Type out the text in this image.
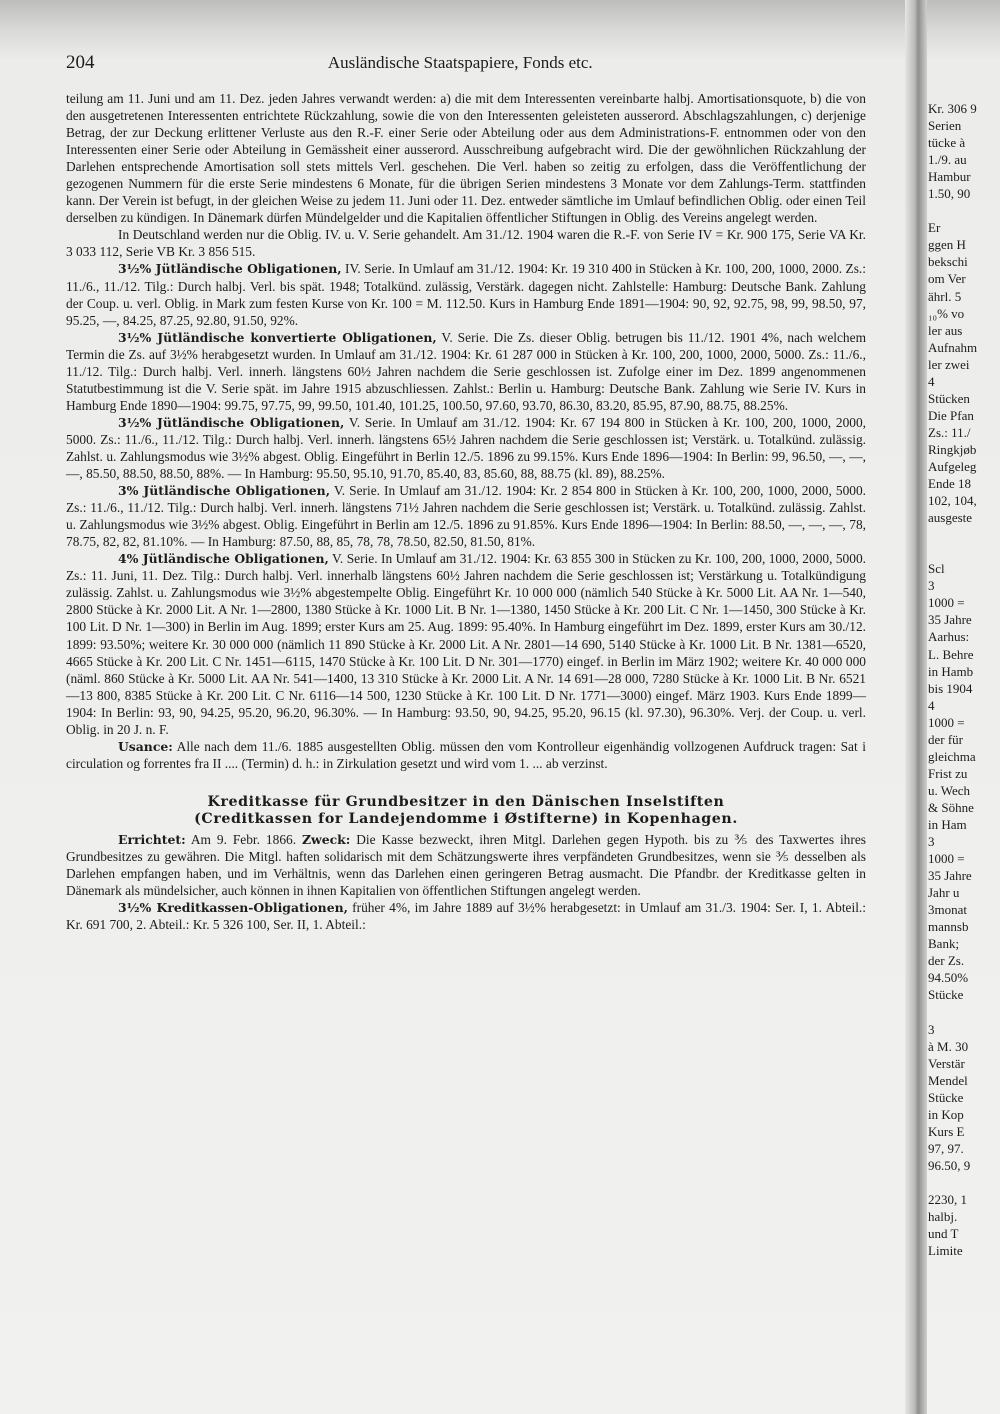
204	Ausländische Staatspapiere, Fonds etc.

teilung am 11. Juni und am 11. Dez. jeden Jahres verwandt werden: a) die mit dem Interessenten vereinbarte halbj. Amortisationsquote, b) die von den ausgetretenen Interessenten entrichtete Rückzahlung, sowie die von den Interessenten geleisteten ausserord. Abschlagszahlungen, c) derjenige Betrag, der zur Deckung erlittener Verluste aus den R.-F. einer Serie oder Abteilung oder aus dem Administrations-F. entnommen oder von den Interessenten einer Serie oder Abteilung in Gemässheit einer ausserord. Ausschreibung aufgebracht wird. Die der gewöhnlichen Rückzahlung der Darlehen entsprechende Amortisation soll stets mittels Verl. geschehen. Die Verl. haben so zeitig zu erfolgen, dass die Veröffentlichung der gezogenen Nummern für die erste Serie mindestens 6 Monate, für die übrigen Serien mindestens 3 Monate vor dem Zahlungs-Term. stattfinden kann. Der Verein ist befugt, in der gleichen Weise zu jedem 11. Juni oder 11. Dez. entweder sämtliche im Umlauf befindlichen Oblig. oder einen Teil derselben zu kündigen. In Dänemark dürfen Mündelgelder und die Kapitalien öffentlicher Stiftungen in Oblig. des Vereins angelegt werden.

In Deutschland werden nur die Oblig. IV. u. V. Serie gehandelt. Am 31./12. 1904 waren die R.-F. von Serie IV = Kr. 900 175, Serie VA Kr. 3 033 112, Serie VB Kr. 3 856 515.

3½% Jütländische Obligationen, IV. Serie. In Umlauf am 31./12. 1904: Kr. 19 310 400 in Stücken à Kr. 100, 200, 1000, 2000. Zs.: 11./6., 11./12. Tilg.: Durch halbj. Verl. bis spät. 1948; Totalkünd. zulässig, Verstärk. dagegen nicht. Zahlstelle: Hamburg: Deutsche Bank. Zahlung der Coup. u. verl. Oblig. in Mark zum festen Kurse von Kr. 100 = M. 112.50. Kurs in Hamburg Ende 1891—1904: 90, 92, 92.75, 98, 99, 98.50, 97, 95.25, —, 84.25, 87.25, 92.80, 91.50, 92%.

3½% Jütländische konvertierte Obligationen, V. Serie. Die Zs. dieser Oblig. betrugen bis 11./12. 1901 4%, nach welchem Termin die Zs. auf 3½% herabgesetzt wurden. In Umlauf am 31./12. 1904: Kr. 61 287 000 in Stücken à Kr. 100, 200, 1000, 2000, 5000. Zs.: 11./6., 11./12. Tilg.: Durch halbj. Verl. innerh. längstens 60½ Jahren nachdem die Serie geschlossen ist. Zufolge einer im Dez. 1899 angenommenen Statutbestimmung ist die V. Serie spät. im Jahre 1915 abzuschliessen. Zahlst.: Berlin u. Hamburg: Deutsche Bank. Zahlung wie Serie IV. Kurs in Hamburg Ende 1890—1904: 99.75, 97.75, 99, 99.50, 101.40, 101.25, 100.50, 97.60, 93.70, 86.30, 83.20, 85.95, 87.90, 88.75, 88.25%.

3½% Jütländische Obligationen, V. Serie. In Umlauf am 31./12. 1904: Kr. 67 194 800 in Stücken à Kr. 100, 200, 1000, 2000, 5000. Zs.: 11./6., 11./12. Tilg.: Durch halbj. Verl. innerh. längstens 65½ Jahren nachdem die Serie geschlossen ist; Verstärk. u. Totalkünd. zulässig. Zahlst. u. Zahlungsmodus wie 3½% abgest. Oblig. Eingeführt in Berlin 12./5. 1896 zu 99.15%. Kurs Ende 1896—1904: In Berlin: 99, 96.50, —, —, —, 85.50, 88.50, 88.50, 88%. — In Hamburg: 95.50, 95.10, 91.70, 85.40, 83, 85.60, 88, 88.75 (kl. 89), 88.25%.

3% Jütländische Obligationen, V. Serie. In Umlauf am 31./12. 1904: Kr. 2 854 800 in Stücken à Kr. 100, 200, 1000, 2000, 5000. Zs.: 11./6., 11./12. Tilg.: Durch halbj. Verl. innerh. längstens 71½ Jahren nachdem die Serie geschlossen ist; Verstärk. u. Totalkünd. zulässig. Zahlst. u. Zahlungsmodus wie 3½% abgest. Oblig. Eingeführt in Berlin am 12./5. 1896 zu 91.85%. Kurs Ende 1896—1904: In Berlin: 88.50, —, —, —, 78, 78.75, 82, 82, 81.10%. — In Hamburg: 87.50, 88, 85, 78, 78, 78.50, 82.50, 81.50, 81%.

4% Jütländische Obligationen, V. Serie. In Umlauf am 31./12. 1904: Kr. 63 855 300 in Stücken zu Kr. 100, 200, 1000, 2000, 5000. Zs.: 11. Juni, 11. Dez. Tilg.: Durch halbj. Verl. innerhalb längstens 60½ Jahren nachdem die Serie geschlossen ist; Verstärkung u. Totalkündigung zulässig. Zahlst. u. Zahlungsmodus wie 3½% abgestempelte Oblig. Eingeführt Kr. 10 000 000 (nämlich 540 Stücke à Kr. 5000 Lit. AA Nr. 1—540, 2800 Stücke à Kr. 2000 Lit. A Nr. 1—2800, 1380 Stücke à Kr. 1000 Lit. B Nr. 1—1380, 1450 Stücke à Kr. 200 Lit. C Nr. 1—1450, 300 Stücke à Kr. 100 Lit. D Nr. 1—300) in Berlin im Aug. 1899; erster Kurs am 25. Aug. 1899: 95.40%. In Hamburg eingeführt im Dez. 1899, erster Kurs am 30./12. 1899: 93.50%; weitere Kr. 30 000 000 (nämlich 11 890 Stücke à Kr. 2000 Lit. A Nr. 2801—14 690, 5140 Stücke à Kr. 1000 Lit. B Nr. 1381—6520, 4665 Stücke à Kr. 200 Lit. C Nr. 1451—6115, 1470 Stücke à Kr. 100 Lit. D Nr. 301—1770) eingef. in Berlin im März 1902; weitere Kr. 40 000 000 (näml. 860 Stücke à Kr. 5000 Lit. AA Nr. 541—1400, 13 310 Stücke à Kr. 2000 Lit. A Nr. 14 691—28 000, 7280 Stücke à Kr. 1000 Lit. B Nr. 6521—13 800, 8385 Stücke à Kr. 200 Lit. C Nr. 6116—14 500, 1230 Stücke à Kr. 100 Lit. D Nr. 1771—3000) eingef. März 1903. Kurs Ende 1899—1904: In Berlin: 93, 90, 94.25, 95.20, 96.20, 96.30%. — In Hamburg: 93.50, 90, 94.25, 95.20, 96.15 (kl. 97.30), 96.30%. Verj. der Coup. u. verl. Oblig. in 20 J. n. F.

Usance: Alle nach dem 11./6. 1885 ausgestellten Oblig. müssen den vom Kontrolleur eigenhändig vollzogenen Aufdruck tragen: Sat i circulation og forrentes fra II .... (Termin) d. h.: in Zirkulation gesetzt und wird vom 1. ... ab verzinst.

Kreditkasse für Grundbesitzer in den Dänischen Inselstiften
(Creditkassen for Landejendomme i Østifterne) in Kopenhagen.

Errichtet: Am 9. Febr. 1866. Zweck: Die Kasse bezweckt, ihren Mitgl. Darlehen gegen Hypoth. bis zu ⅗ des Taxwertes ihres Grundbesitzes zu gewähren. Die Mitgl. haften solidarisch mit dem Schätzungswerte ihres verpfändeten Grundbesitzes, wenn sie ⅗ desselben als Darlehen empfangen haben, und im Verhältnis, wenn das Darlehen einen geringeren Betrag ausmacht. Die Pfandbr. der Kreditkasse gelten in Dänemark als mündelsicher, auch können in ihnen Kapitalien von öffentlichen Stiftungen angelegt werden.

3½% Kreditkassen-Obligationen, früher 4%, im Jahre 1889 auf 3½% herabgesetzt: in Umlauf am 31./3. 1904: Ser. I, 1. Abteil.: Kr. 691 700, 2. Abteil.: Kr. 5 326 100, Ser. II, 1. Abteil.:

Kr. 306 9
Serien
tücke à
1./9. au
Hambur
1.50, 90
Er
ggen H
bekschi
om Ver
ährl. 5
₁₀% vo
ler aus
Aufnahm
ler zwei
4
Stücken
Die Pfan
Zs.: 11./
Ringkjøb
Aufgeleg
Ende 18
102, 104,
ausgeste
Scl
3
1000 =
35 Jahre
Aarhus:
L. Behre
in Hamb
bis 1904
4
1000 =
der für
gleichma
Frist zu
u. Wech
& Söhne
in Ham
3
1000 =
35 Jahre
Jahr u
3monat
mannsb
Bank;
der Zs.
94.50%
Stücke
3
à M. 30
Verstär
Mendel
Stücke
in Kop
Kurs E
97, 97.
96.50, 9
2230, 1
halbj.
und T
Limite
